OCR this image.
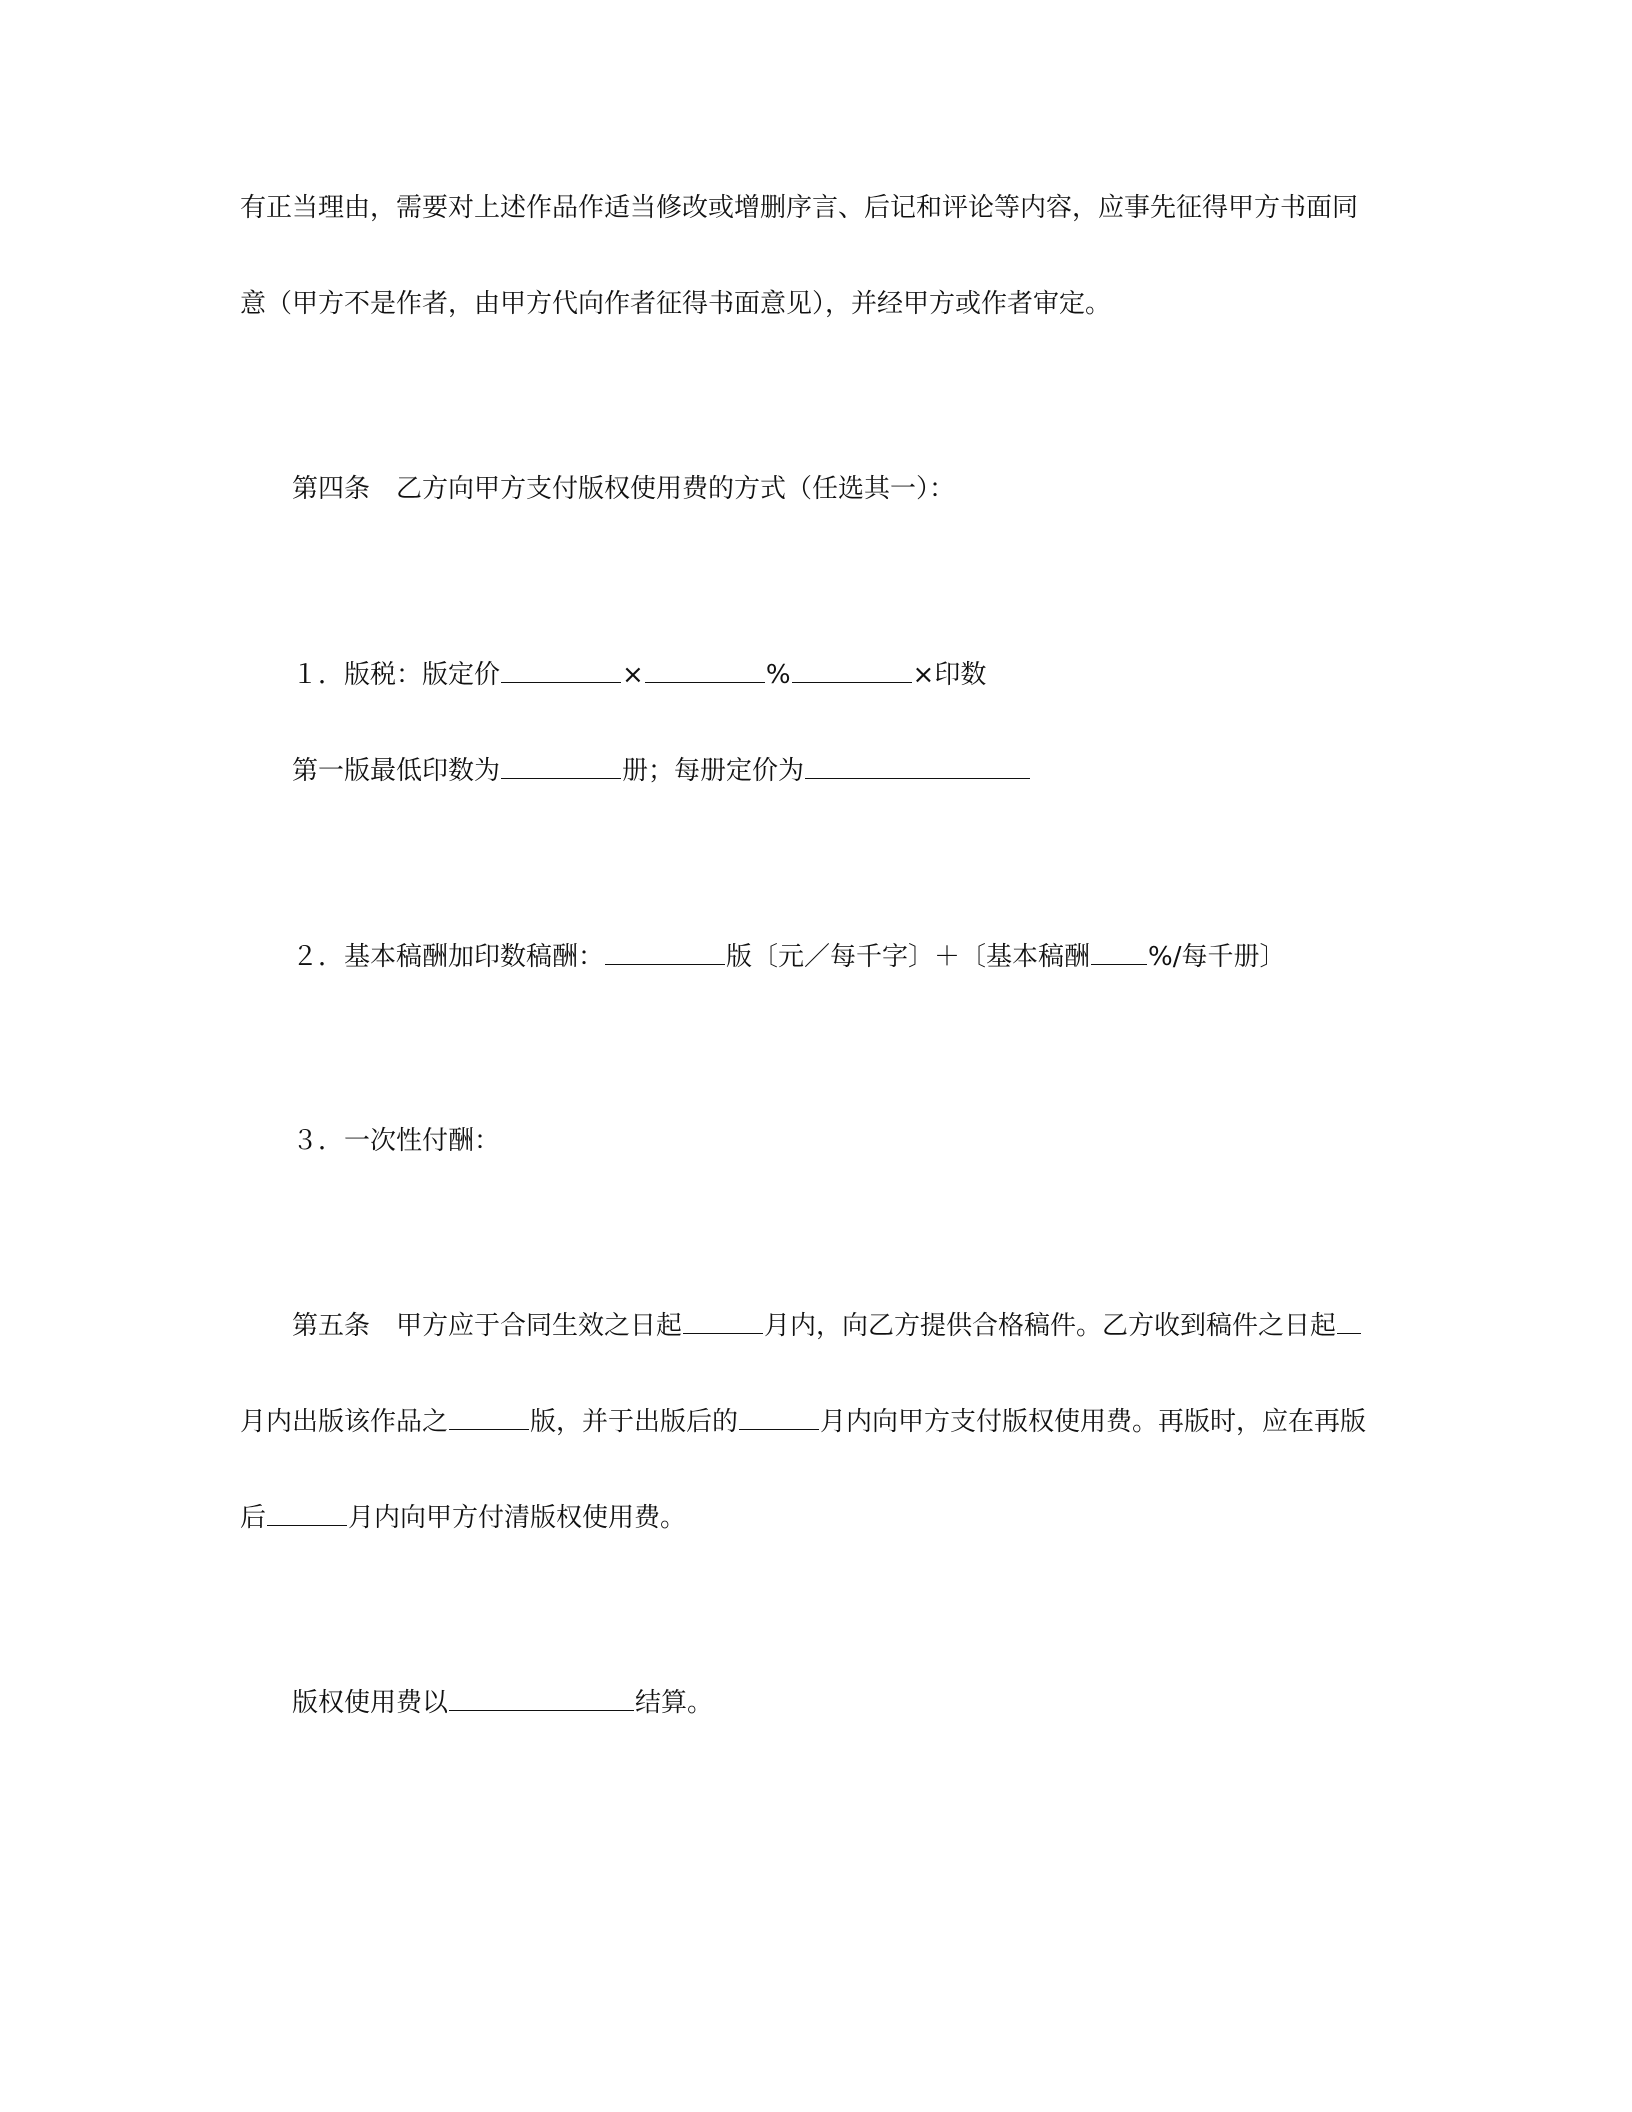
有正当理由，需要对上述作品作适当修改或增删序言、后记和评论等内容，应事先征得甲方书面同
意（甲方不是作者，由甲方代向作者征得书面意见），并经甲方或作者审定。
第四条 乙方向甲方支付版权使用费的方式（任选其一）：
１．版税：版定价	×	%	×印数
第一版最低印数为	册；每册定价为
２．基本稿酬加印数稿酬：	版〔元／每千字〕＋〔基本稿酬 %/每千册〕
３．一次性付酬：
第五条 甲方应于合同生效之日起	月内，向乙方提供合格稿件。乙方收到稿件之日起
月内出版该作品之	版，并于出版后的	月内向甲方支付版权使用费。再版时，应在再版
后	月内向甲方付清版权使用费。
版权使用费以	结算。
